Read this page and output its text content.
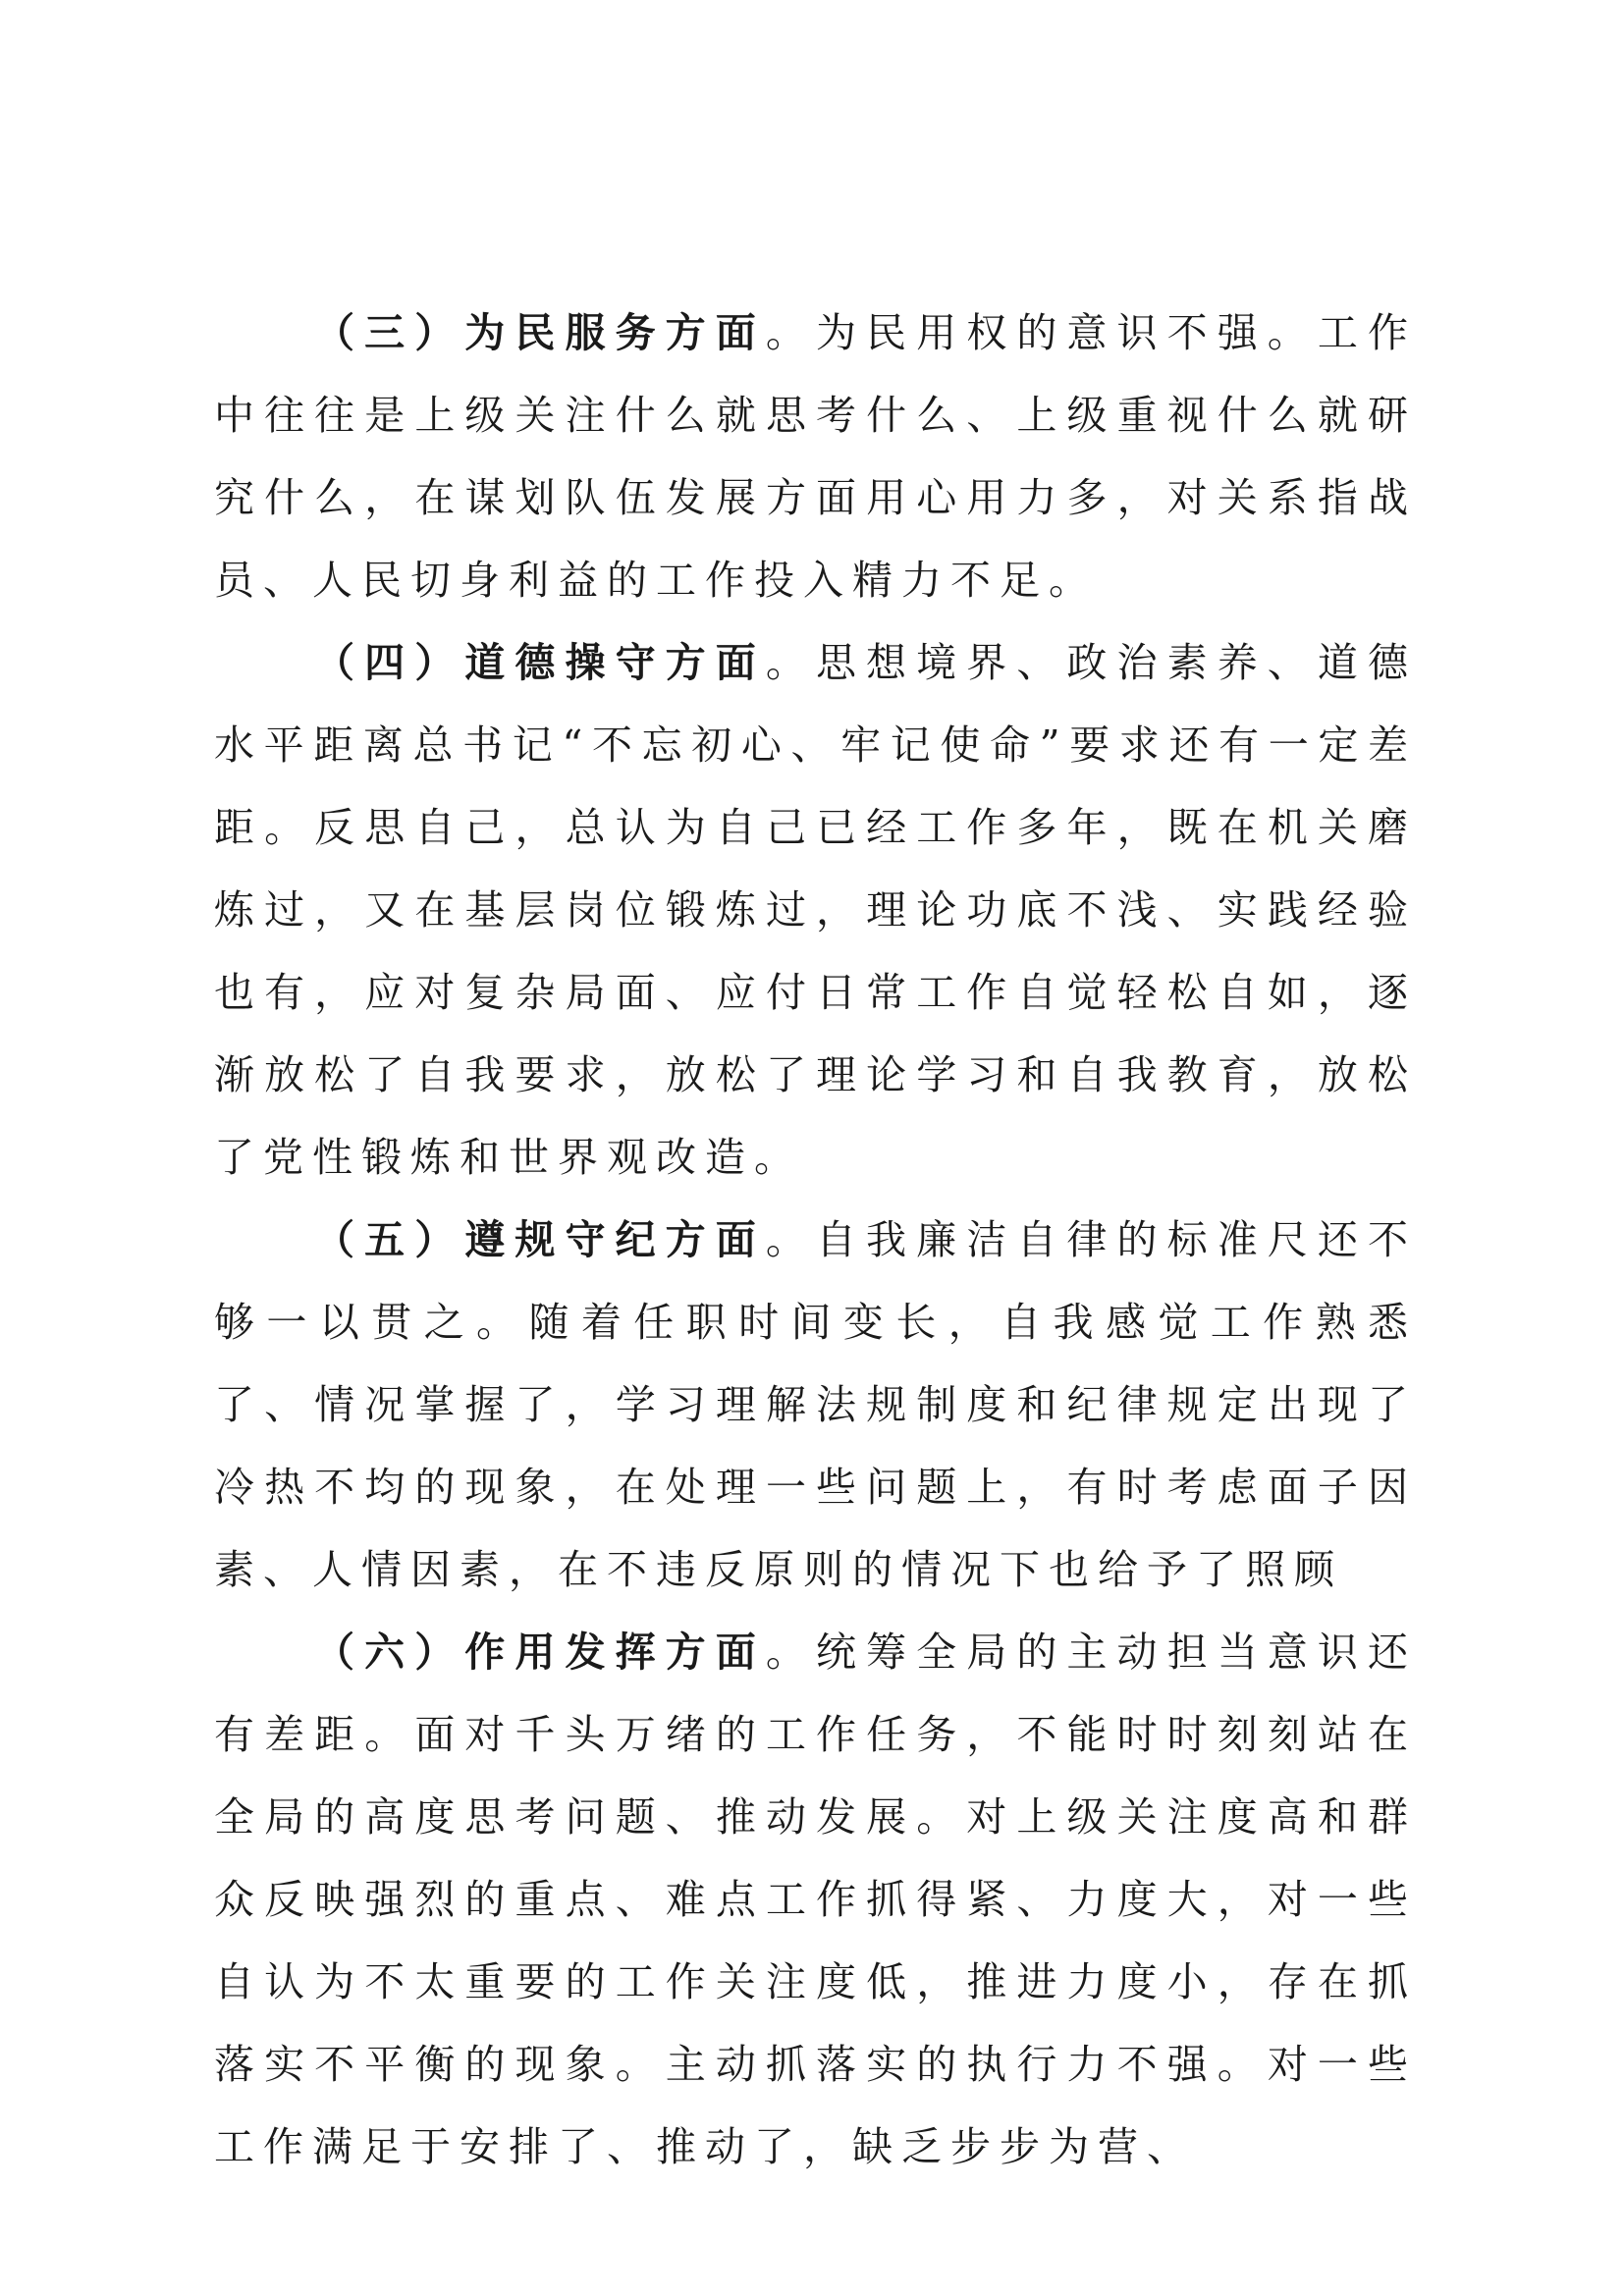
（三）为民服务方面。为民用权的意识不强。工作中往往是上级关注什么就思考什么、上级重视什么就研究什么，在谋划队伍发展方面用心用力多，对关系指战员、人民切身利益的工作投入精力不足。

（四）道德操守方面。思想境界、政治素养、道德水平距离总书记“不忘初心、牢记使命”要求还有一定差距。反思自己，总认为自己已经工作多年，既在机关磨炼过，又在基层岗位锻炼过，理论功底不浅、实践经验也有，应对复杂局面、应付日常工作自觉轻松自如，逐渐放松了自我要求，放松了理论学习和自我教育，放松了党性锻炼和世界观改造。

（五）遵规守纪方面。自我廉洁自律的标准尺还不够一以贯之。随着任职时间变长，自我感觉工作熟悉了、情况掌握了，学习理解法规制度和纪律规定出现了冷热不均的现象，在处理一些问题上，有时考虑面子因素、人情因素，在不违反原则的情况下也给予了照顾

（六）作用发挥方面。统筹全局的主动担当意识还有差距。面对千头万绪的工作任务，不能时时刻刻站在全局的高度思考问题、推动发展。对上级关注度高和群众反映强烈的重点、难点工作抓得紧、力度大，对一些自认为不太重要的工作关注度低，推进力度小，存在抓落实不平衡的现象。主动抓落实的执行力不强。对一些工作满足于安排了、推动了，缺乏步步为营、
